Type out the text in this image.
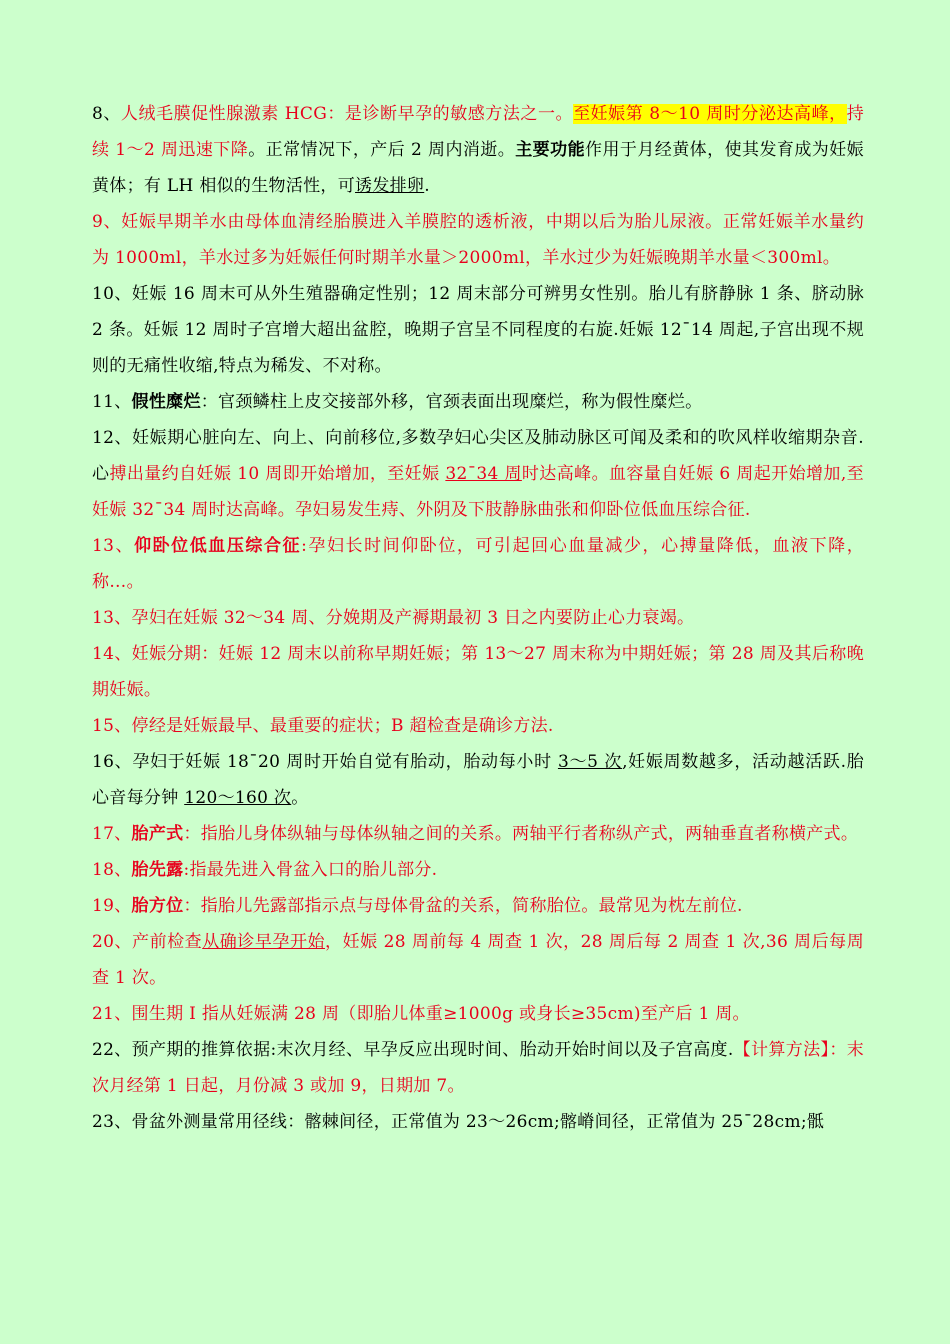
8、人绒毛膜促性腺激素 HCG：是诊断早孕的敏感方法之一。至妊娠第 8～10 周时分泌达高峰，持续 1～2 周迅速下降。正常情况下，产后 2 周内消逝。主要功能作用于月经黄体，使其发育成为妊娠黄体；有 LH 相似的生物活性，可诱发排卵.

9、妊娠早期羊水由母体血清经胎膜进入羊膜腔的透析液，中期以后为胎儿尿液。正常妊娠羊水量约为 1000ml，羊水过多为妊娠任何时期羊水量＞2000ml，羊水过少为妊娠晚期羊水量＜300ml。

10、妊娠 16 周末可从外生殖器确定性别；12 周末部分可辨男女性别。胎儿有脐静脉 1 条、脐动脉 2 条。妊娠 12 周时子宫增大超出盆腔，晚期子宫呈不同程度的右旋.妊娠 12¯14 周起,子宫出现不规则的无痛性收缩,特点为稀发、不对称。

11、假性糜烂：官颈鳞柱上皮交接部外移，官颈表面出现糜烂，称为假性糜烂。

12、妊娠期心脏向左、向上、向前移位,多数孕妇心尖区及肺动脉区可闻及柔和的吹风样收缩期杂音.心搏出量约自妊娠 10 周即开始增加，至妊娠 32¯34 周时达高峰。血容量自妊娠 6 周起开始增加,至妊娠 32¯34 周时达高峰。孕妇易发生痔、外阴及下肢静脉曲张和仰卧位低血压综合征.

13、仰卧位低血压综合征:孕妇长时间仰卧位，可引起回心血量减少，心搏量降低，血液下降，称…。

13、孕妇在妊娠 32～34 周、分娩期及产褥期最初 3 日之内要防止心力衰竭。

14、妊娠分期：妊娠 12 周末以前称早期妊娠；第 13～27 周末称为中期妊娠；第 28 周及其后称晚期妊娠。

15、停经是妊娠最早、最重要的症状；B 超检查是确诊方法.

16、孕妇于妊娠 18¯20 周时开始自觉有胎动，胎动每小时 3～5 次,妊娠周数越多，活动越活跃.胎心音每分钟 120～160 次。

17、胎产式：指胎儿身体纵轴与母体纵轴之间的关系。两轴平行者称纵产式，两轴垂直者称横产式。

18、胎先露:指最先进入骨盆入口的胎儿部分.

19、胎方位：指胎儿先露部指示点与母体骨盆的关系，简称胎位。最常见为枕左前位.

20、产前检查从确诊早孕开始，妊娠 28 周前每 4 周查 1 次，28 周后每 2 周查 1 次,36 周后每周查 1 次。

21、围生期 I 指从妊娠满 28 周（即胎儿体重≥1000g 或身长≥35cm)至产后 1 周。

22、预产期的推算依据:末次月经、早孕反应出现时间、胎动开始时间以及子宫高度.【计算方法】：末次月经第 1 日起，月份减 3 或加 9，日期加 7。

23、骨盆外测量常用径线：髂棘间径，正常值为 23～26cm;髂嵴间径，正常值为 25¯28cm;骶
